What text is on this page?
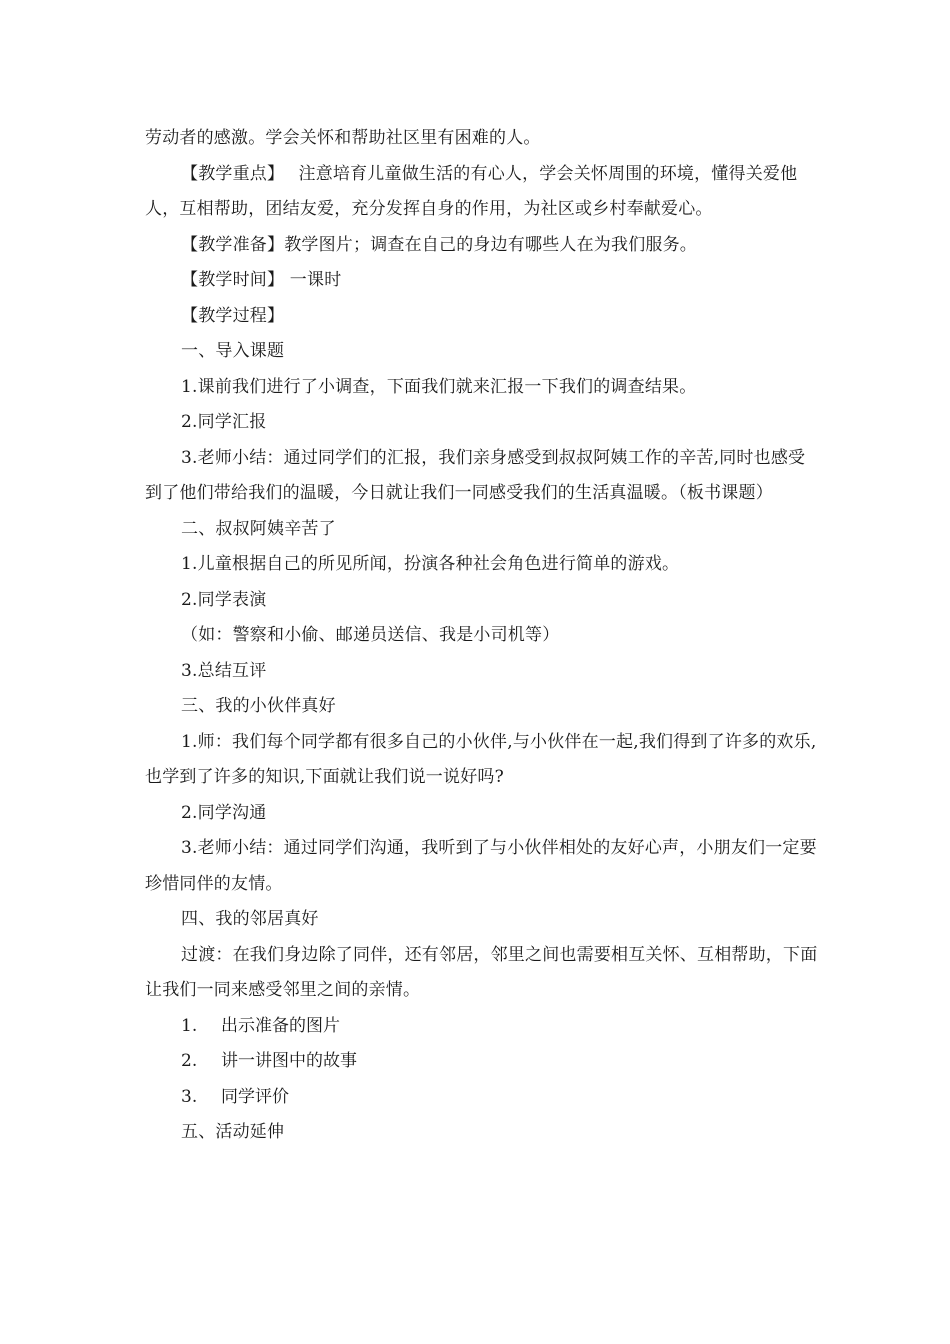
劳动者的感激。学会关怀和帮助社区里有困难的人。

【教学重点】　 注意培育儿童做生活的有心人，学会关怀周围的环境，懂得关爱他人，互相帮助，团结友爱，充分发挥自身的作用，为社区或乡村奉献爱心。

【教学准备】教学图片；调查在自己的身边有哪些人在为我们服务。

【教学时间】 一课时

【教学过程】

一、导入课题

1.课前我们进行了小调查，下面我们就来汇报一下我们的调查结果。

2.同学汇报

3.老师小结：通过同学们的汇报，我们亲身感受到叔叔阿姨工作的辛苦,同时也感受到了他们带给我们的温暖，今日就让我们一同感受我们的生活真温暖。（板书课题）

二、叔叔阿姨辛苦了

1.儿童根据自己的所见所闻，扮演各种社会角色进行简单的游戏。

2.同学表演

（如：警察和小偷、邮递员送信、我是小司机等）

3.总结互评

三、我的小伙伴真好

1.师：我们每个同学都有很多自己的小伙伴,与小伙伴在一起,我们得到了许多的欢乐,也学到了许多的知识,下面就让我们说一说好吗?

2.同学沟通

3.老师小结：通过同学们沟通，我听到了与小伙伴相处的友好心声，小朋友们一定要珍惜同伴的友情。

四、我的邻居真好

过渡：在我们身边除了同伴，还有邻居，邻里之间也需要相互关怀、互相帮助，下面让我们一同来感受邻里之间的亲情。

1.	出示准备的图片
2.	讲一讲图中的故事
3.	同学评价

五、活动延伸
